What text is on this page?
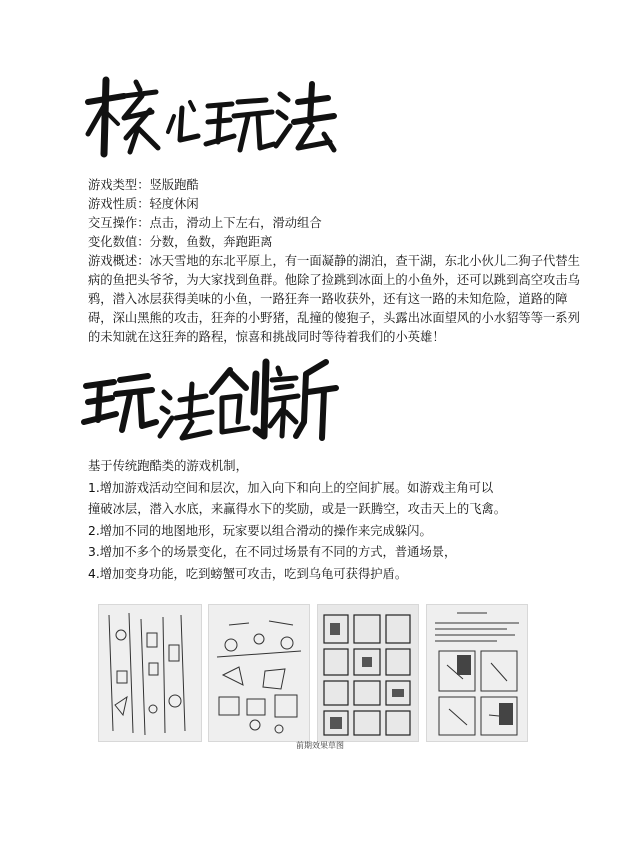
核心玩法
游戏类型：竖版跑酷
游戏性质：轻度休闲
交互操作：点击，滑动上下左右，滑动组合
变化数值：分数，鱼数，奔跑距离
游戏概述：冰天雪地的东北平原上，有一面凝静的湖泊，查干湖，东北小伙儿二狗子代替生病的鱼把头爷爷，为大家找到鱼群。他除了捡跳到冰面上的小鱼外，还可以跳到高空攻击乌鸦，潜入冰层获得美味的小鱼，一路狂奔一路收获外，还有这一路的未知危险，道路的障碍，深山黑熊的攻击，狂奔的小野猪，乱撞的傻狍子，头露出冰面望风的小水貂等等一系列的未知就在这狂奔的路程，惊喜和挑战同时等待着我们的小英雄！
玩法创新
基于传统跑酷类的游戏机制，
1.增加游戏活动空间和层次，加入向下和向上的空间扩展。如游戏主角可以
撞破冰层，潜入水底，来赢得水下的奖励，或是一跃腾空，攻击天上的飞禽。
2.增加不同的地图地形，玩家要以组合滑动的操作来完成躲闪。
3.增加不多个的场景变化，在不同过场景有不同的方式，普通场景，
4.增加变身功能，吃到螃蟹可攻击，吃到乌龟可获得护盾。
前期效果草图
